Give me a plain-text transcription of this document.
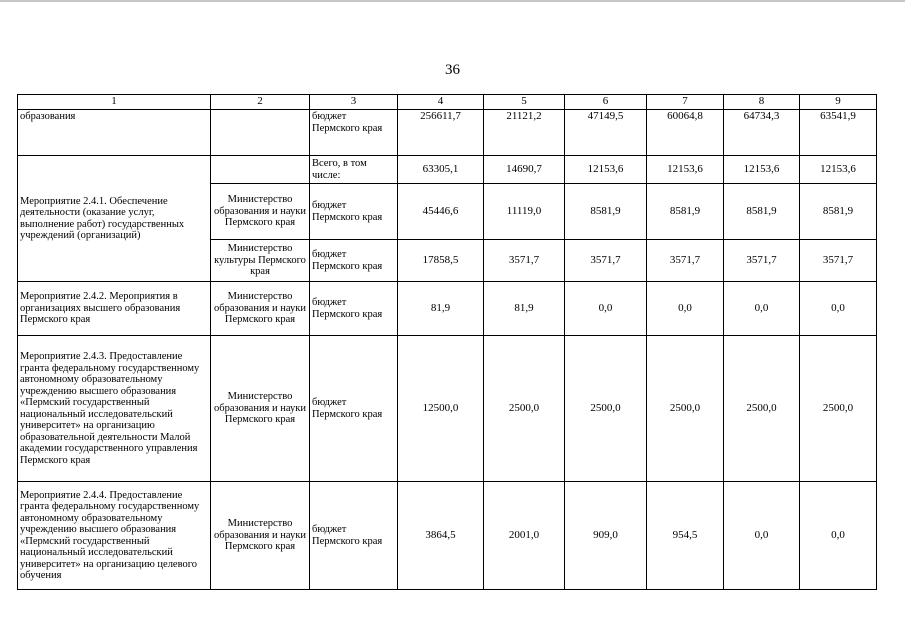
36
1	2	3	4	5	6	7	8	9
образования		бюджет Пермского края	256611,7	21121,2	47149,5	60064,8	64734,3	63541,9
Мероприятие 2.4.1. Обеспечение деятельности (оказание услуг, выполнение работ) государственных учреждений (организаций)		Всего, в том числе:	63305,1	14690,7	12153,6	12153,6	12153,6	12153,6
	Министерство образования и науки Пермского края	бюджет Пермского края	45446,6	11119,0	8581,9	8581,9	8581,9	8581,9
	Министерство культуры Пермского края	бюджет Пермского края	17858,5	3571,7	3571,7	3571,7	3571,7	3571,7
Мероприятие 2.4.2. Мероприятия в организациях высшего образования Пермского края	Министерство образования и науки Пермского края	бюджет Пермского края	81,9	81,9	0,0	0,0	0,0	0,0
Мероприятие 2.4.3. Предоставление гранта федеральному государственному автономному образовательному учреждению высшего образования «Пермский государственный национальный исследовательский университет» на организацию образовательной деятельности Малой академии государственного управления Пермского края	Министерство образования и науки Пермского края	бюджет Пермского края	12500,0	2500,0	2500,0	2500,0	2500,0	2500,0
Мероприятие 2.4.4. Предоставление гранта федеральному государственному автономному образовательному учреждению высшего образования «Пермский государственный национальный исследовательский университет» на организацию целевого обучения	Министерство образования и науки Пермского края	бюджет Пермского края	3864,5	2001,0	909,0	954,5	0,0	0,0
